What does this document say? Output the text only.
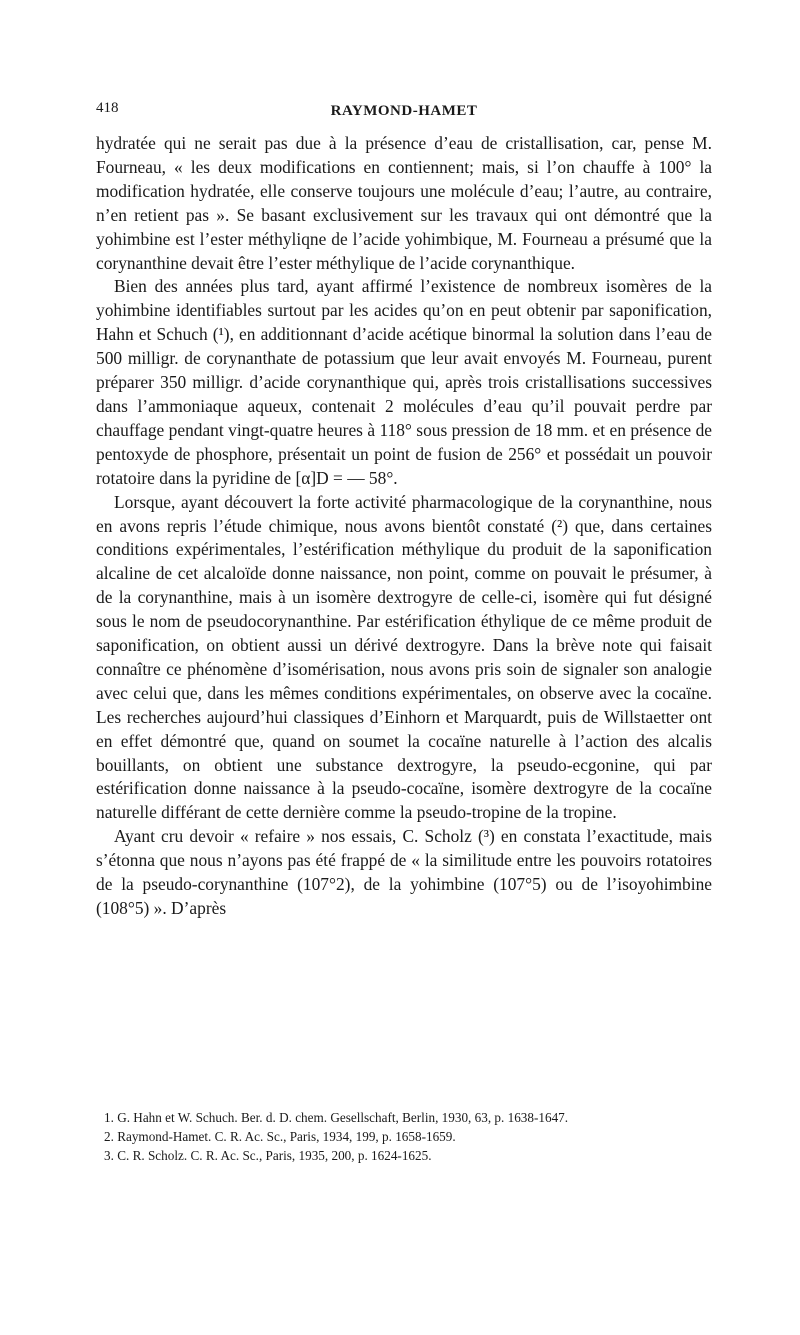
418	RAYMOND-HAMET

hydratée qui ne serait pas due à la présence d’eau de cristallisation, car, pense M. Fourneau, « les deux modifications en contiennent; mais, si l’on chauffe à 100° la modification hydratée, elle conserve toujours une molécule d’eau; l’autre, au contraire, n’en retient pas ». Se basant exclusivement sur les travaux qui ont démontré que la yohimbine est l’ester méthyliqne de l’acide yohimbique, M. Fourneau a présumé que la corynanthine devait être l’ester méthylique de l’acide corynanthique.

Bien des années plus tard, ayant affirmé l’existence de nombreux isomères de la yohimbine identifiables surtout par les acides qu’on en peut obtenir par saponification, Hahn et Schuch (¹), en additionnant d’acide acétique binormal la solution dans l’eau de 500 milligr. de corynanthate de potassium que leur avait envoyés M. Fourneau, purent préparer 350 milligr. d’acide corynanthique qui, après trois cristallisations successives dans l’ammoniaque aqueux, contenait 2 molécules d’eau qu’il pouvait perdre par chauffage pendant vingt-quatre heures à 118° sous pression de 18 mm. et en présence de pentoxyde de phosphore, présentait un point de fusion de 256° et possédait un pouvoir rotatoire dans la pyridine de [α]D = — 58°.

Lorsque, ayant découvert la forte activité pharmacologique de la corynanthine, nous en avons repris l’étude chimique, nous avons bientôt constaté (²) que, dans certaines conditions expérimentales, l’estérification méthylique du produit de la saponification alcaline de cet alcaloïde donne naissance, non point, comme on pouvait le présumer, à de la corynanthine, mais à un isomère dextrogyre de celle-ci, isomère qui fut désigné sous le nom de pseudocorynanthine. Par estérification éthylique de ce même produit de saponification, on obtient aussi un dérivé dextrogyre. Dans la brève note qui faisait connaître ce phénomène d’isomérisation, nous avons pris soin de signaler son analogie avec celui que, dans les mêmes conditions expérimentales, on observe avec la cocaïne. Les recherches aujourd’hui classiques d’Einhorn et Marquardt, puis de Willstaetter ont en effet démontré que, quand on soumet la cocaïne naturelle à l’action des alcalis bouillants, on obtient une substance dextrogyre, la pseudo-ecgonine, qui par estérification donne naissance à la pseudo-cocaïne, isomère dextrogyre de la cocaïne naturelle différant de cette dernière comme la pseudo-tropine de la tropine.

Ayant cru devoir « refaire » nos essais, C. Scholz (³) en constata l’exactitude, mais s’étonna que nous n’ayons pas été frappé de « la similitude entre les pouvoirs rotatoires de la pseudo-corynanthine (107°2), de la yohimbine (107°5) ou de l’isoyohimbine (108°5) ». D’après

1. G. Hahn et W. Schuch. Ber. d. D. chem. Gesellschaft, Berlin, 1930, 63, p. 1638-1647.
2. Raymond-Hamet. C. R. Ac. Sc., Paris, 1934, 199, p. 1658-1659.
3. C. R. Scholz. C. R. Ac. Sc., Paris, 1935, 200, p. 1624-1625.
